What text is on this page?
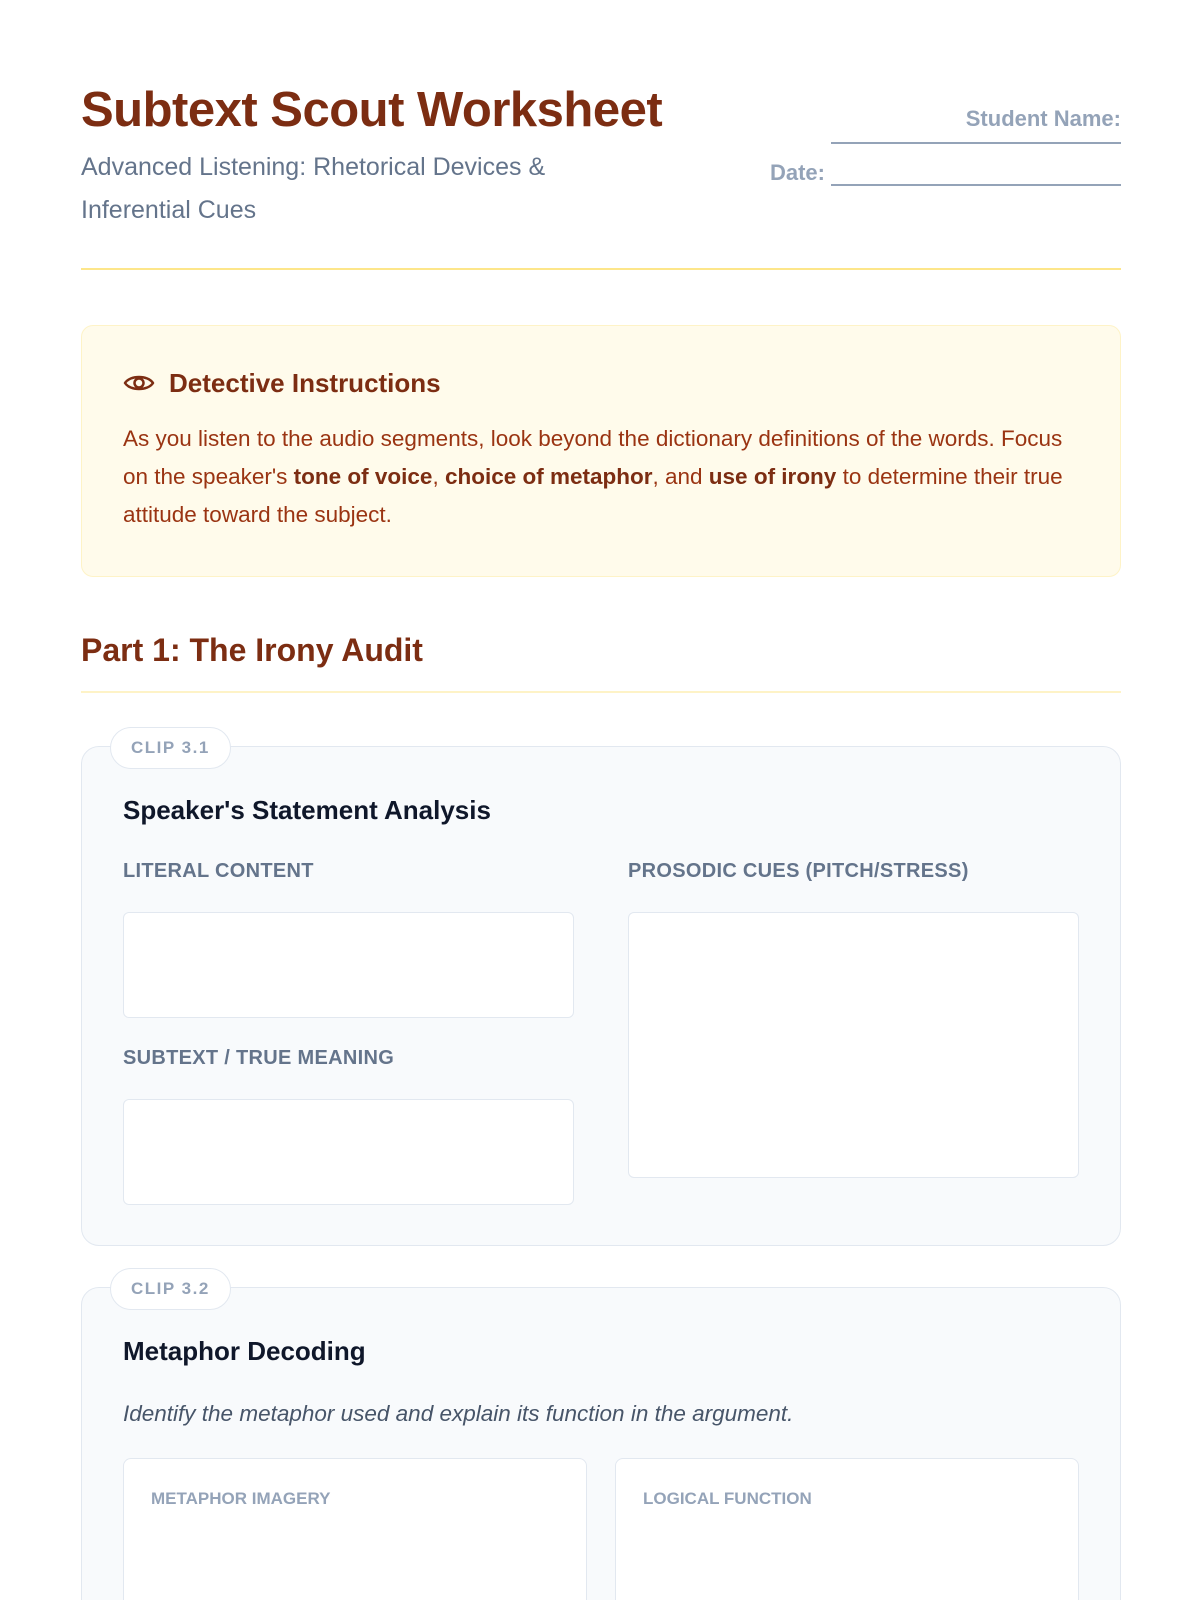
Subtext Scout Worksheet
Advanced Listening: Rhetorical Devices & Inferential Cues
Student Name:
Date:
Detective Instructions

As you listen to the audio segments, look beyond the dictionary definitions of the words. Focus on the speaker's tone of voice, choice of metaphor, and use of irony to determine their true attitude toward the subject.

Part 1: The Irony Audit
CLIP 3.1
Speaker's Statement Analysis
LITERAL CONTENT
SUBTEXT / TRUE MEANING
PROSODIC CUES (PITCH/STRESS)
CLIP 3.2
Metaphor Decoding
Identify the metaphor used and explain its function in the argument.
METAPHOR IMAGERY	LOGICAL FUNCTION
